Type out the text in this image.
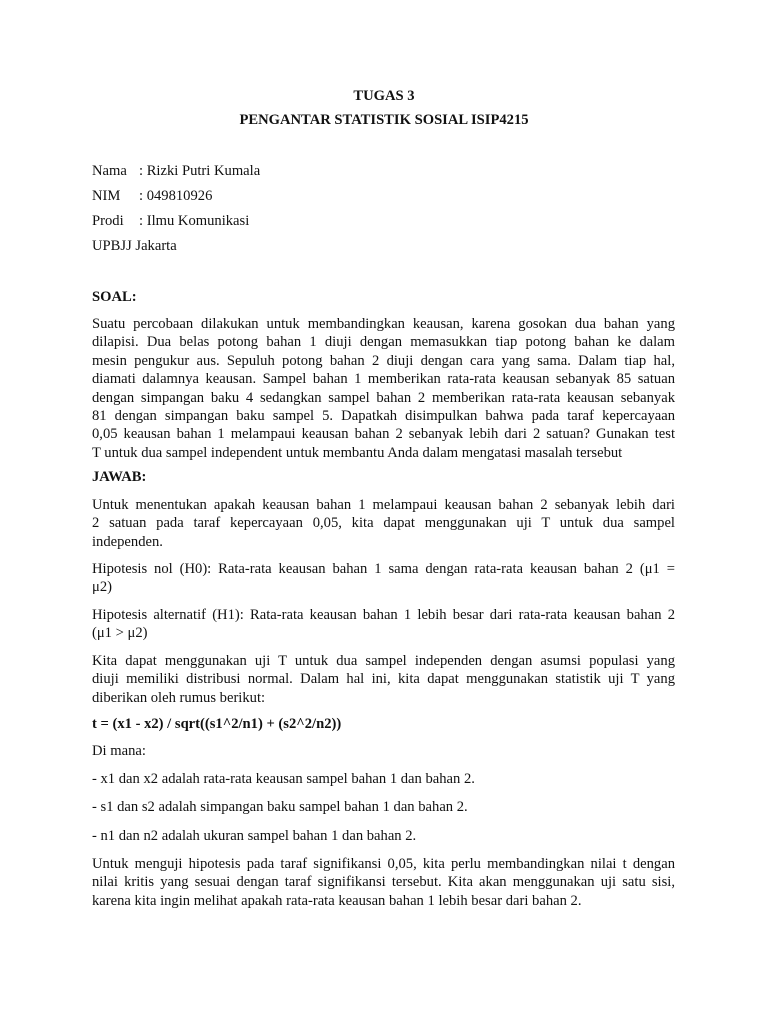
TUGAS 3
PENGANTAR STATISTIK SOSIAL ISIP4215
Nama : Rizki Putri Kumala
NIM : 049810926
Prodi : Ilmu Komunikasi
UPBJJ Jakarta
SOAL:
Suatu percobaan dilakukan untuk membandingkan keausan, karena gosokan dua bahan yang
dilapisi. Dua belas potong bahan 1 diuji dengan memasukkan tiap potong bahan ke dalam
mesin pengukur aus. Sepuluh potong bahan 2 diuji dengan cara yang sama. Dalam tiap hal,
diamati dalamnya keausan. Sampel bahan 1 memberikan rata-rata keausan sebanyak 85 satuan
dengan simpangan baku 4 sedangkan sampel bahan 2 memberikan rata-rata keausan sebanyak
81 dengan simpangan baku sampel 5. Dapatkah disimpulkan bahwa pada taraf kepercayaan
0,05 keausan bahan 1 melampaui keausan bahan 2 sebanyak lebih dari 2 satuan? Gunakan test
T untuk dua sampel independent untuk membantu Anda dalam mengatasi masalah tersebut
JAWAB:
Untuk menentukan apakah keausan bahan 1 melampaui keausan bahan 2 sebanyak lebih dari
2 satuan pada taraf kepercayaan 0,05, kita dapat menggunakan uji T untuk dua sampel
independen.
Hipotesis nol (H0): Rata-rata keausan bahan 1 sama dengan rata-rata keausan bahan 2 (μ1 =
μ2)
Hipotesis alternatif (H1): Rata-rata keausan bahan 1 lebih besar dari rata-rata keausan bahan 2
(μ1 > μ2)
Kita dapat menggunakan uji T untuk dua sampel independen dengan asumsi populasi yang
diuji memiliki distribusi normal. Dalam hal ini, kita dapat menggunakan statistik uji T yang
diberikan oleh rumus berikut:
t = (x1 - x2) / sqrt((s1^2/n1) + (s2^2/n2))
Di mana:
- x1 dan x2 adalah rata-rata keausan sampel bahan 1 dan bahan 2.
- s1 dan s2 adalah simpangan baku sampel bahan 1 dan bahan 2.
- n1 dan n2 adalah ukuran sampel bahan 1 dan bahan 2.
Untuk menguji hipotesis pada taraf signifikansi 0,05, kita perlu membandingkan nilai t dengan
nilai kritis yang sesuai dengan taraf signifikansi tersebut. Kita akan menggunakan uji satu sisi,
karena kita ingin melihat apakah rata-rata keausan bahan 1 lebih besar dari bahan 2.
